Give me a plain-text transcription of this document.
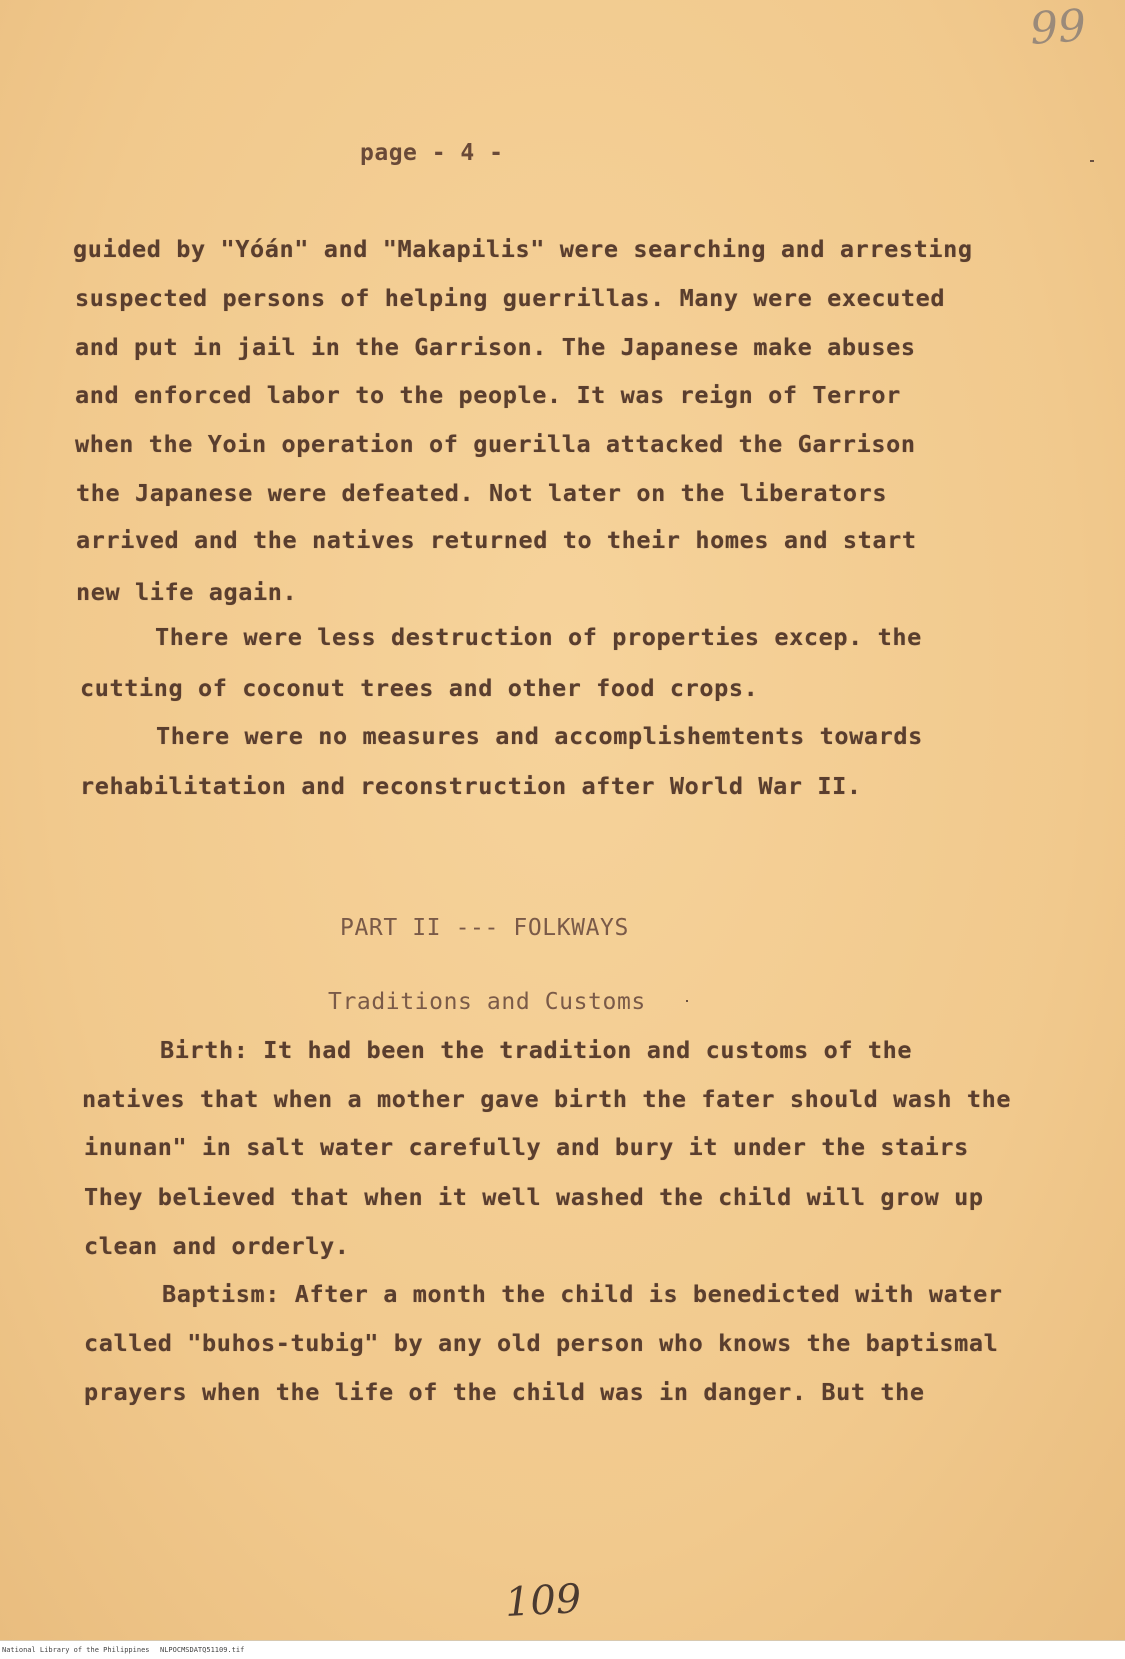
99
page - 4 -
guided by "Yóán" and "Makapilis" were searching and arresting
suspected persons of helping guerrillas. Many were executed
and put in jail in the Garrison. The Japanese make abuses
and enforced labor to the people. It was reign of Terror
when the Yoin operation of guerilla attacked the Garrison
the Japanese were defeated. Not later on the liberators
arrived and the natives returned to their homes and start
new life again.
There were less destruction of properties excep. the
cutting of coconut trees and other food crops.
There were no measures and accomplishemtents towards
rehabilitation and reconstruction after World War II.
PART II --- FOLKWAYS
Traditions and Customs
Birth: It had been the tradition and customs of the
natives that when a mother gave birth the fater should wash the
inunan" in salt water carefully and bury it under the stairs
They believed that when it well washed the child will grow up
clean and orderly.
Baptism: After a month the child is benedicted with water
called "buhos-tubig" by any old person who knows the baptismal
prayers when the life of the child was in danger. But the
109
National Library of the Philippines NLPOCMSDATQ51109.tif
